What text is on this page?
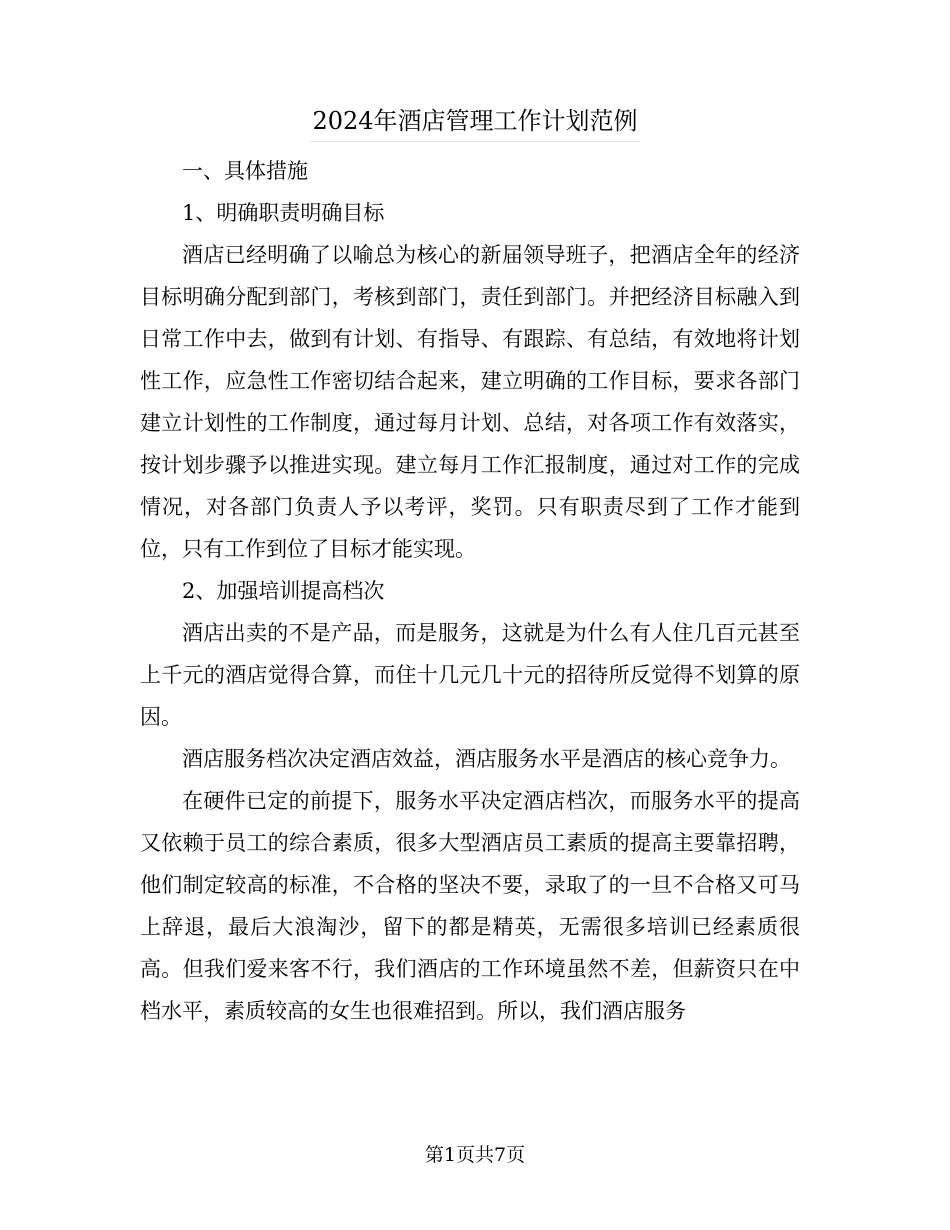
2024年酒店管理工作计划范例

一、具体措施

1、明确职责明确目标

酒店已经明确了以喻总为核心的新届领导班子，把酒店全年的经济目标明确分配到部门，考核到部门，责任到部门。并把经济目标融入到日常工作中去，做到有计划、有指导、有跟踪、有总结，有效地将计划性工作，应急性工作密切结合起来，建立明确的工作目标，要求各部门建立计划性的工作制度，通过每月计划、总结，对各项工作有效落实，按计划步骤予以推进实现。建立每月工作汇报制度，通过对工作的完成情况，对各部门负责人予以考评，奖罚。只有职责尽到了工作才能到位，只有工作到位了目标才能实现。

2、加强培训提高档次

酒店出卖的不是产品，而是服务，这就是为什么有人住几百元甚至上千元的酒店觉得合算，而住十几元几十元的招待所反觉得不划算的原因。

酒店服务档次决定酒店效益，酒店服务水平是酒店的核心竞争力。

在硬件已定的前提下，服务水平决定酒店档次，而服务水平的提高又依赖于员工的综合素质，很多大型酒店员工素质的提高主要靠招聘，他们制定较高的标准，不合格的坚决不要，录取了的一旦不合格又可马上辞退，最后大浪淘沙，留下的都是精英，无需很多培训已经素质很高。但我们爱来客不行，我们酒店的工作环境虽然不差，但薪资只在中档水平，素质较高的女生也很难招到。所以，我们酒店服务

第1页共7页
